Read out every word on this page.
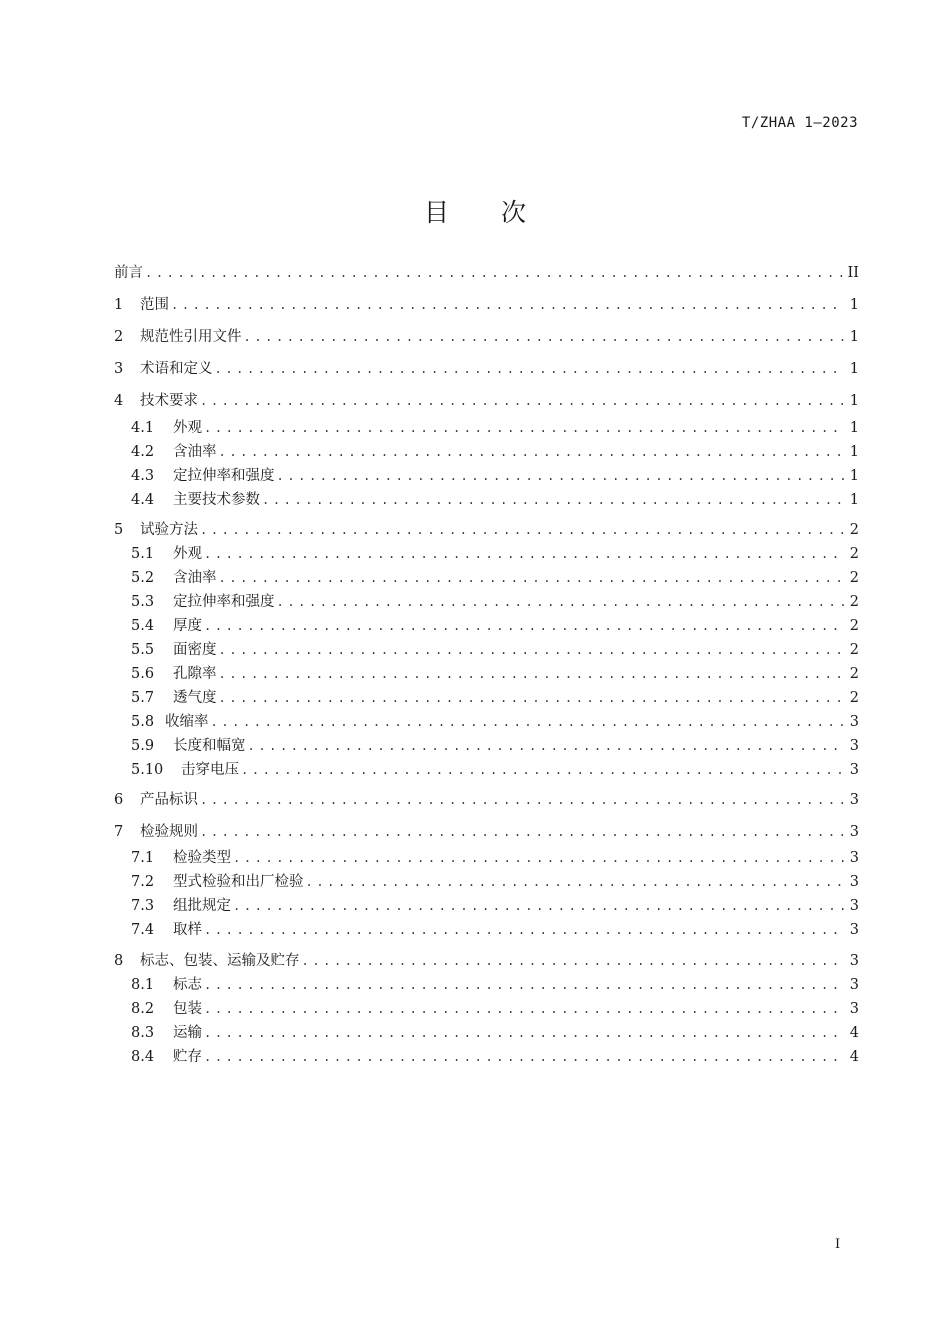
T/ZHAA 1—2023
目 次
前言 .....	II
1	范围 .....	1
2	规范性引用文件 .....	1
3	术语和定义 .....	1
4	技术要求 .....	1
4.1	外观 .....	1
4.2	含油率 .....	1
4.3	定拉伸率和强度 .....	1
4.4	主要技术参数 .....	1
5	试验方法 .....	2
5.1	外观 .....	2
5.2	含油率 .....	2
5.3	定拉伸率和强度 .....	2
5.4	厚度 .....	2
5.5	面密度 .....	2
5.6	孔隙率 .....	2
5.7	透气度 .....	2
5.8 收缩率 .....	3
5.9	长度和幅宽 .....	3
5.10	击穿电压 .....	3
6	产品标识 .....	3
7	检验规则 .....	3
7.1	检验类型 .....	3
7.2	型式检验和出厂检验 .....	3
7.3	组批规定 .....	3
7.4	取样 .....	3
8	标志、包装、运输及贮存 .....	3
8.1	标志 .....	3
8.2	包装 .....	3
8.3	运输 .....	4
8.4	贮存 .....	4
I
